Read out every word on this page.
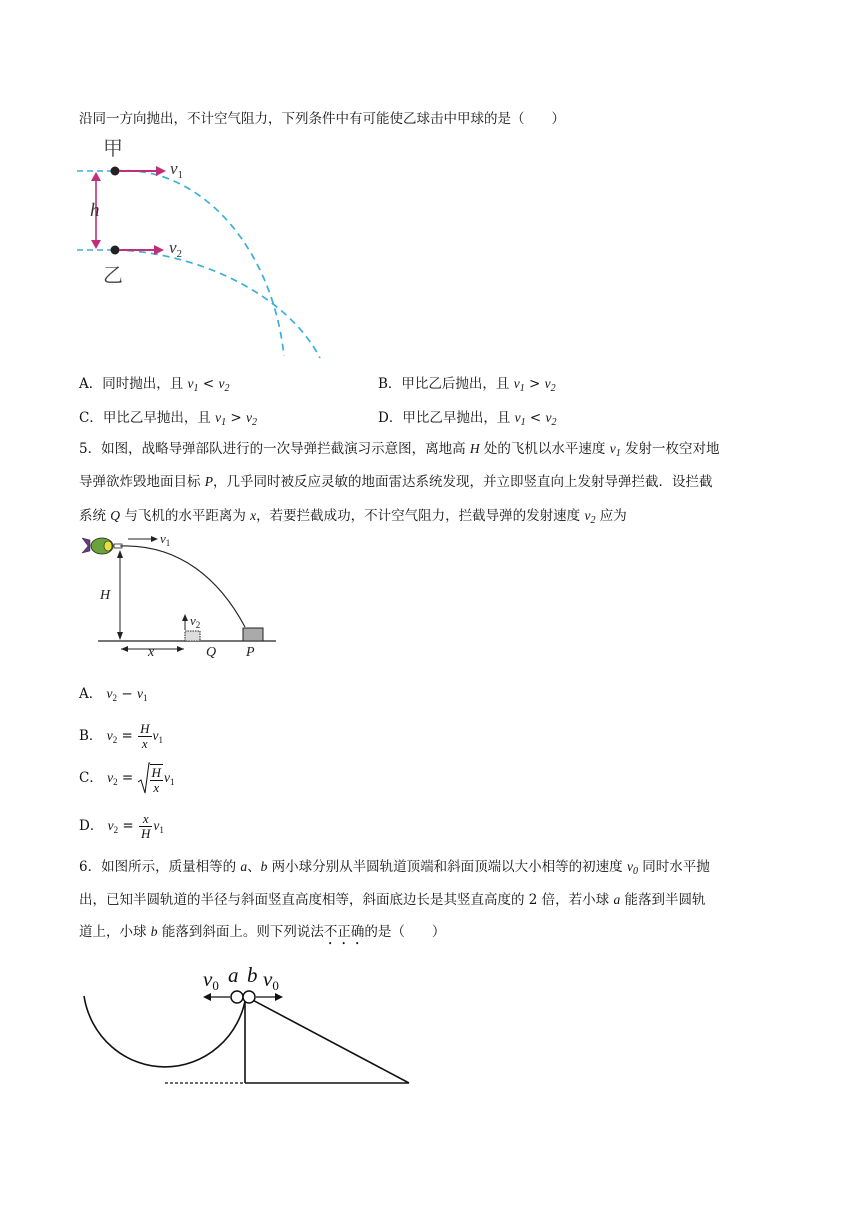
沿同一方向抛出，不计空气阻力，下列条件中有可能使乙球击中甲球的是（　　）
h
甲
乙
$v_1$
$v_2$
A．同时抛出，且 $v_1 < v_2$	B．甲比乙后抛出，且 $v_1 > v_2$
C．甲比乙早抛出，且 $v_1 > v_2$	D．甲比乙早抛出，且 $v_1 < v_2$
5．如图，战略导弹部队进行的一次导弹拦截演习示意图，离地高 H 处的飞机以水平速度 $v_1$ 发射一枚空对地
导弹欲炸毁地面目标 P，几乎同时被反应灵敏的地面雷达系统发现，并立即竖直向上发射导弹拦截．设拦截
系统 Q 与飞机的水平距离为 x，若要拦截成功，不计空气阻力，拦截导弹的发射速度 $v_2$ 应为
$v_1$
H
P
Q
$v_2$
x
A． $v_2 - v_1$
B． $v_2 = \frac{H}{x} v_1$
C． $v_2 = \frac{H}{x} v_1$
D． $v_2 = \frac{x}{H} v_1$
6．如图所示，质量相等的 a、b 两小球分别从半圆轨道顶端和斜面顶端以大小相等的初速度 $v_0$ 同时水平抛
出，已知半圆轨道的半径与斜面竖直高度相等，斜面底边长是其竖直高度的 2 倍，若小球 a 能落到半圆轨
道上，小球 b 能落到斜面上。则下列说法不正确的是（　　）
v0 a b v0
